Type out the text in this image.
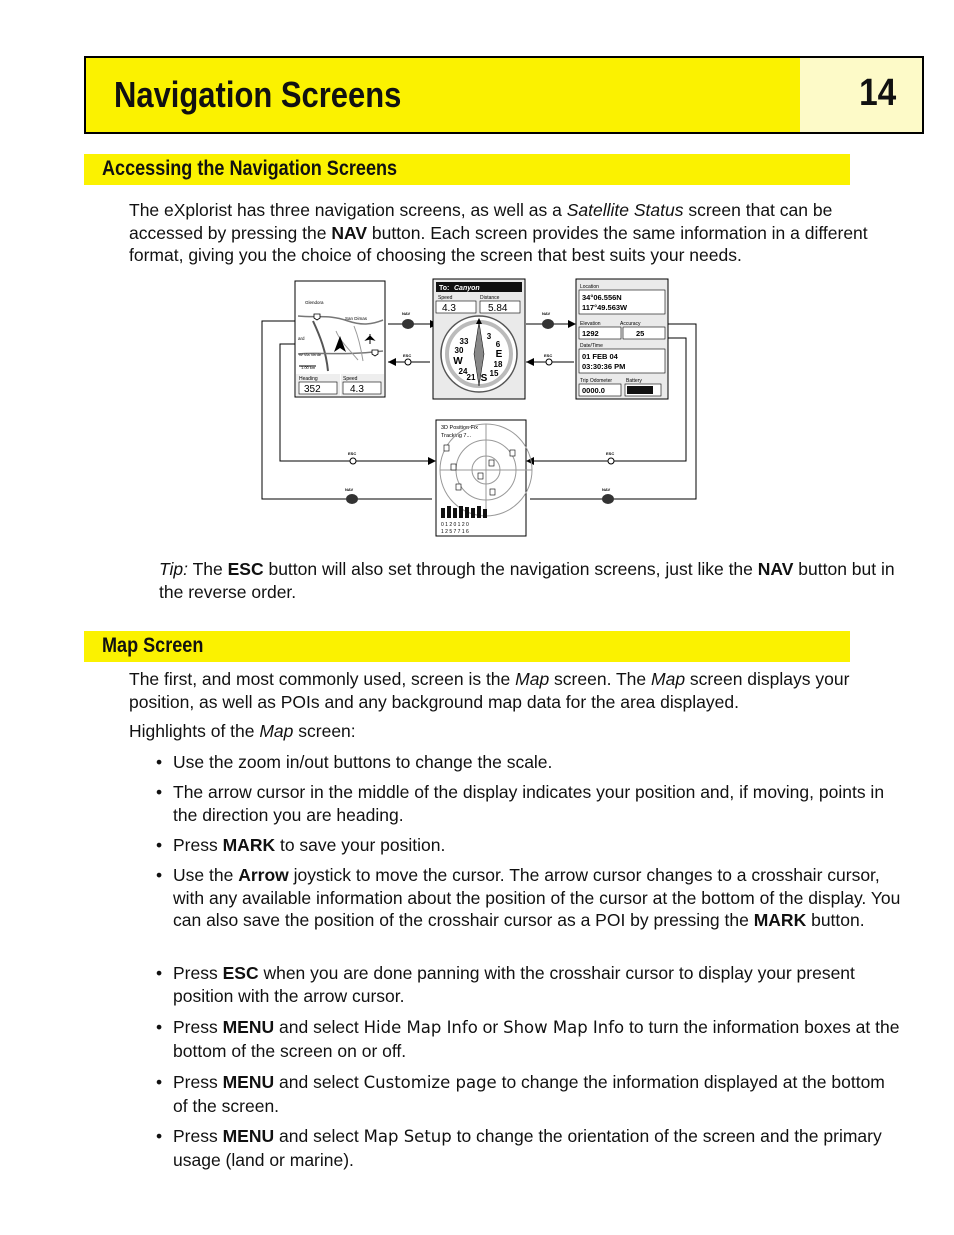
Navigation Screens	14
Accessing the Navigation Screens
The eXplorist has three navigation screens, as well as a Satellite Status screen that can be accessed by pressing the NAV button. Each screen provides the same information in a different format, giving you the choice of choosing the screen that best suits your needs.
Glendora
San Dimas
ard
W Via Verde
1.00 km
Heading	Speed
352	4.3
To: Canyon
Speed	Distance
4.3	5.84
33
3
6
30	E
W	18
24	15
21 S
Location
34°06.556N
117°49.563W
Elevation	Accuracy
1292	25
Date/Time
01 FEB 04
03:30:36 PM
Trip Odometer	Battery
0000.0
3D Position Fix
Tracking 7...
0 1 2 0 1 2 0
1 2 5 7 7 1 6
NAV
ESC
NAV
ESC
ESC	ESC
NAV	NAV
Tip: The ESC button will also set through the navigation screens, just like the NAV button but in the reverse order.
Map Screen
The first, and most commonly used, screen is the Map screen. The Map screen displays your position, as well as POIs and any background map data for the area displayed.
Highlights of the Map screen:
• Use the zoom in/out buttons to change the scale.
• The arrow cursor in the middle of the display indicates your position and, if moving, points in the direction you are heading.
• Press MARK to save your position.
• Use the Arrow joystick to move the cursor. The arrow cursor changes to a crosshair cursor, with any available information about the position of the cursor at the bottom of the display. You can also save the position of the crosshair cursor as a POI by pressing the MARK button.
• Press ESC when you are done panning with the crosshair cursor to display your present position with the arrow cursor.
• Press MENU and select Hide Map Info or Show Map Info to turn the information boxes at the bottom of the screen on or off.
• Press MENU and select Customize page to change the information displayed at the bottom of the screen.
• Press MENU and select Map Setup to change the orientation of the screen and the primary usage (land or marine).
